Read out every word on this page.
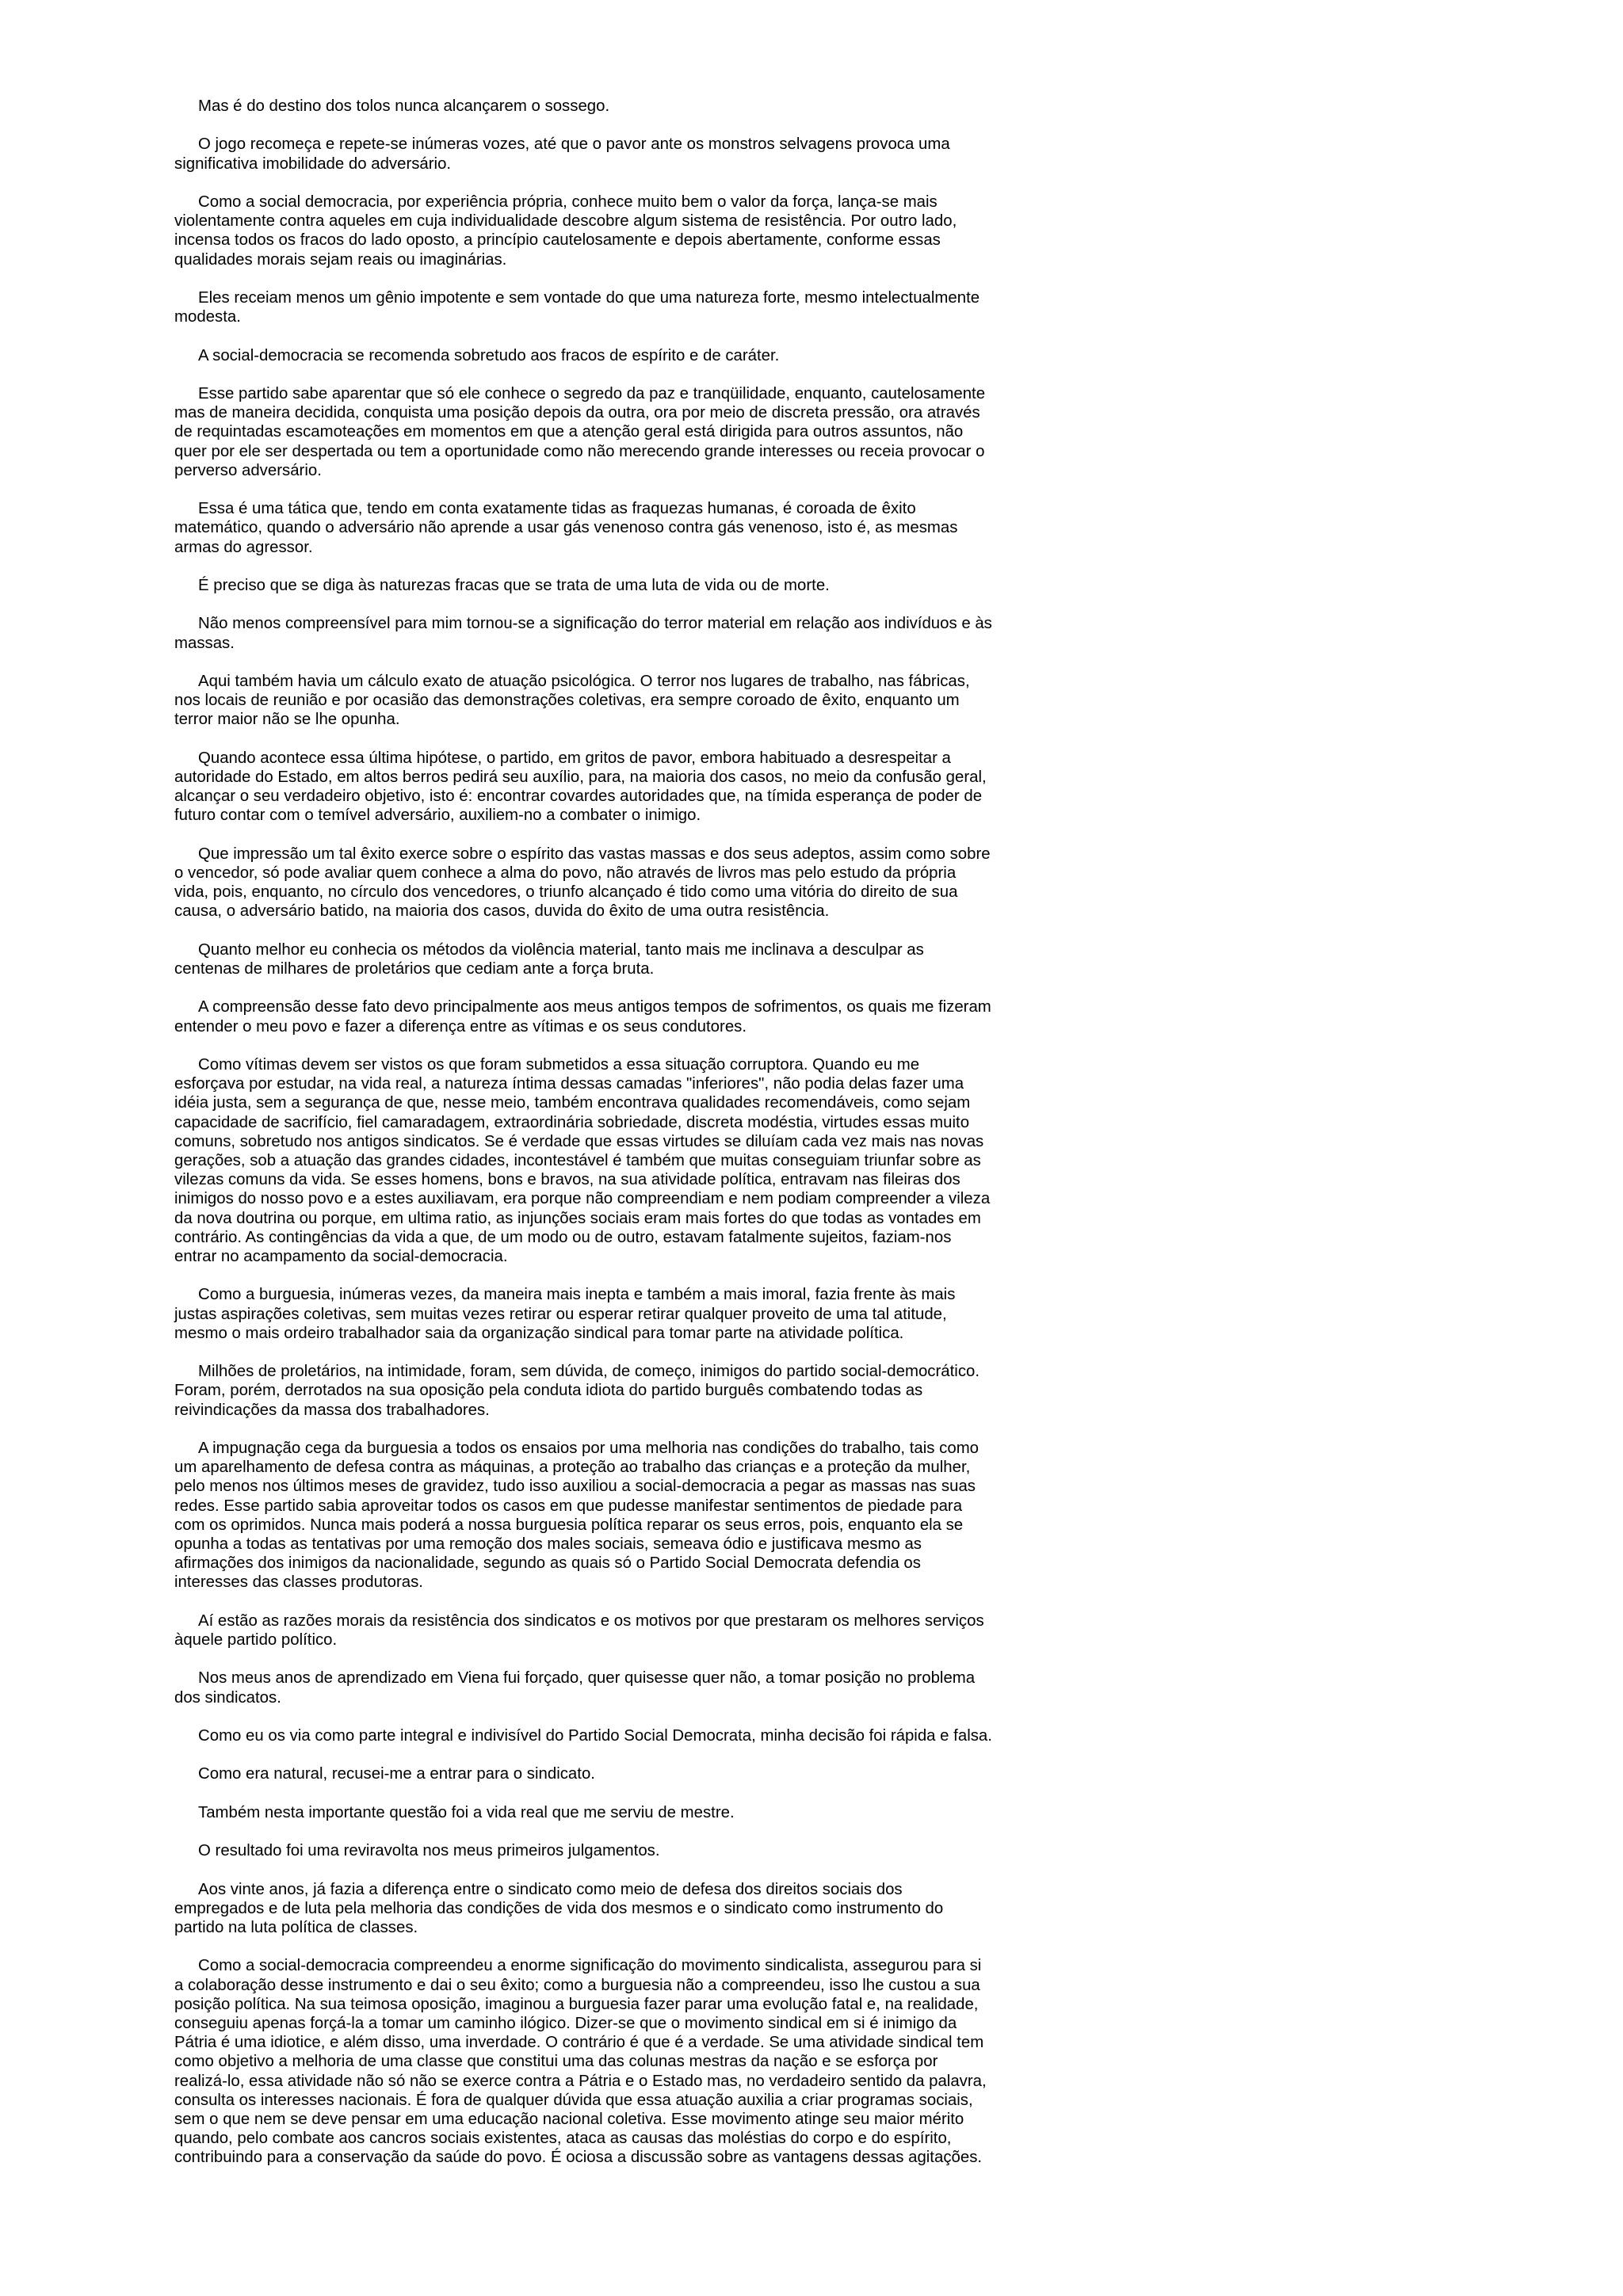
Mas é do destino dos tolos nunca alcançarem o sossego.

O jogo recomeça e repete-se inúmeras vozes, até que o pavor ante os monstros selvagens provoca uma significativa imobilidade do adversário.

Como a social democracia, por experiência própria, conhece muito bem o valor da força, lança-se mais violentamente contra aqueles em cuja individualidade descobre algum sistema de resistência. Por outro lado, incensa todos os fracos do lado oposto, a princípio cautelosamente e depois abertamente, conforme essas qualidades morais sejam reais ou imaginárias.

Eles receiam menos um gênio impotente e sem vontade do que uma natureza forte, mesmo intelectualmente modesta.

A social-democracia se recomenda sobretudo aos fracos de espírito e de caráter.

Esse partido sabe aparentar que só ele conhece o segredo da paz e tranqüilidade, enquanto, cautelosamente mas de maneira decidida, conquista uma posição depois da outra, ora por meio de discreta pressão, ora através de requintadas escamoteações em momentos em que a atenção geral está dirigida para outros assuntos, não quer por ele ser despertada ou tem a oportunidade como não merecendo grande interesses ou receia provocar o perverso adversário.

Essa é uma tática que, tendo em conta exatamente tidas as fraquezas humanas, é coroada de êxito matemático, quando o adversário não aprende a usar gás venenoso contra gás venenoso, isto é, as mesmas armas do agressor.

É preciso que se diga às naturezas fracas que se trata de uma luta de vida ou de morte.

Não menos compreensível para mim tornou-se a significação do terror material em relação aos indivíduos e às massas.

Aqui também havia um cálculo exato de atuação psicológica. O terror nos lugares de trabalho, nas fábricas, nos locais de reunião e por ocasião das demonstrações coletivas, era sempre coroado de êxito, enquanto um terror maior não se lhe opunha.

Quando acontece essa última hipótese, o partido, em gritos de pavor, embora habituado a desrespeitar a autoridade do Estado, em altos berros pedirá seu auxílio, para, na maioria dos casos, no meio da confusão geral, alcançar o seu verdadeiro objetivo, isto é: encontrar covardes autoridades que, na tímida esperança de poder de futuro contar com o temível adversário, auxiliem-no a combater o inimigo.

Que impressão um tal êxito exerce sobre o espírito das vastas massas e dos seus adeptos, assim como sobre o vencedor, só pode avaliar quem conhece a alma do povo, não através de livros mas pelo estudo da própria vida, pois, enquanto, no círculo dos vencedores, o triunfo alcançado é tido como uma vitória do direito de sua causa, o adversário batido, na maioria dos casos, duvida do êxito de uma outra resistência.

Quanto melhor eu conhecia os métodos da violência material, tanto mais me inclinava a desculpar as centenas de milhares de proletários que cediam ante a força bruta.

A compreensão desse fato devo principalmente aos meus antigos tempos de sofrimentos, os quais me fizeram entender o meu povo e fazer a diferença entre as vítimas e os seus condutores.

Como vítimas devem ser vistos os que foram submetidos a essa situação corruptora. Quando eu me esforçava por estudar, na vida real, a natureza íntima dessas camadas "inferiores", não podia delas fazer uma idéia justa, sem a segurança de que, nesse meio, também encontrava qualidades recomendáveis, como sejam capacidade de sacrifício, fiel camaradagem, extraordinária sobriedade, discreta modéstia, virtudes essas muito comuns, sobretudo nos antigos sindicatos. Se é verdade que essas virtudes se diluíam cada vez mais nas novas gerações, sob a atuação das grandes cidades, incontestável é também que muitas conseguiam triunfar sobre as vilezas comuns da vida. Se esses homens, bons e bravos, na sua atividade política, entravam nas fileiras dos inimigos do nosso povo e a estes auxiliavam, era porque não compreendiam e nem podiam compreender a vileza da nova doutrina ou porque, em ultima ratio, as injunções sociais eram mais fortes do que todas as vontades em contrário. As contingências da vida a que, de um modo ou de outro, estavam fatalmente sujeitos, faziam-nos entrar no acampamento da social-democracia.

Como a burguesia, inúmeras vezes, da maneira mais inepta e também a mais imoral, fazia frente às mais justas aspirações coletivas, sem muitas vezes retirar ou esperar retirar qualquer proveito de uma tal atitude, mesmo o mais ordeiro trabalhador saia da organização sindical para tomar parte na atividade política.

Milhões de proletários, na intimidade, foram, sem dúvida, de começo, inimigos do partido social-democrático. Foram, porém, derrotados na sua oposição pela conduta idiota do partido burguês combatendo todas as reivindicações da massa dos trabalhadores.

A impugnação cega da burguesia a todos os ensaios por uma melhoria nas condições do trabalho, tais como um aparelhamento de defesa contra as máquinas, a proteção ao trabalho das crianças e a proteção da mulher, pelo menos nos últimos meses de gravidez, tudo isso auxiliou a social-democracia a pegar as massas nas suas redes. Esse partido sabia aproveitar todos os casos em que pudesse manifestar sentimentos de piedade para com os oprimidos. Nunca mais poderá a nossa burguesia política reparar os seus erros, pois, enquanto ela se opunha a todas as tentativas por uma remoção dos males sociais, semeava ódio e justificava mesmo as afirmações dos inimigos da nacionalidade, segundo as quais só o Partido Social Democrata defendia os interesses das classes produtoras.

Aí estão as razões morais da resistência dos sindicatos e os motivos por que prestaram os melhores serviços àquele partido político.

Nos meus anos de aprendizado em Viena fui forçado, quer quisesse quer não, a tomar posição no problema dos sindicatos.

Como eu os via como parte integral e indivisível do Partido Social Democrata, minha decisão foi rápida e falsa.

Como era natural, recusei-me a entrar para o sindicato.

Também nesta importante questão foi a vida real que me serviu de mestre.

O resultado foi uma reviravolta nos meus primeiros julgamentos.

Aos vinte anos, já fazia a diferença entre o sindicato como meio de defesa dos direitos sociais dos empregados e de luta pela melhoria das condições de vida dos mesmos e o sindicato como instrumento do partido na luta política de classes.

Como a social-democracia compreendeu a enorme significação do movimento sindicalista, assegurou para si a colaboração desse instrumento e dai o seu êxito; como a burguesia não a compreendeu, isso lhe custou a sua posição política. Na sua teimosa oposição, imaginou a burguesia fazer parar uma evolução fatal e, na realidade, conseguiu apenas forçá-la a tomar um caminho ilógico. Dizer-se que o movimento sindical em si é inimigo da Pátria é uma idiotice, e além disso, uma inverdade. O contrário é que é a verdade. Se uma atividade sindical tem como objetivo a melhoria de uma classe que constitui uma das colunas mestras da nação e se esforça por realizá-lo, essa atividade não só não se exerce contra a Pátria e o Estado mas, no verdadeiro sentido da palavra, consulta os interesses nacionais. É fora de qualquer dúvida que essa atuação auxilia a criar programas sociais, sem o que nem se deve pensar em uma educação nacional coletiva. Esse movimento atinge seu maior mérito quando, pelo combate aos cancros sociais existentes, ataca as causas das moléstias do corpo e do espírito, contribuindo para a conservação da saúde do povo. É ociosa a discussão sobre as vantagens dessas agitações.
